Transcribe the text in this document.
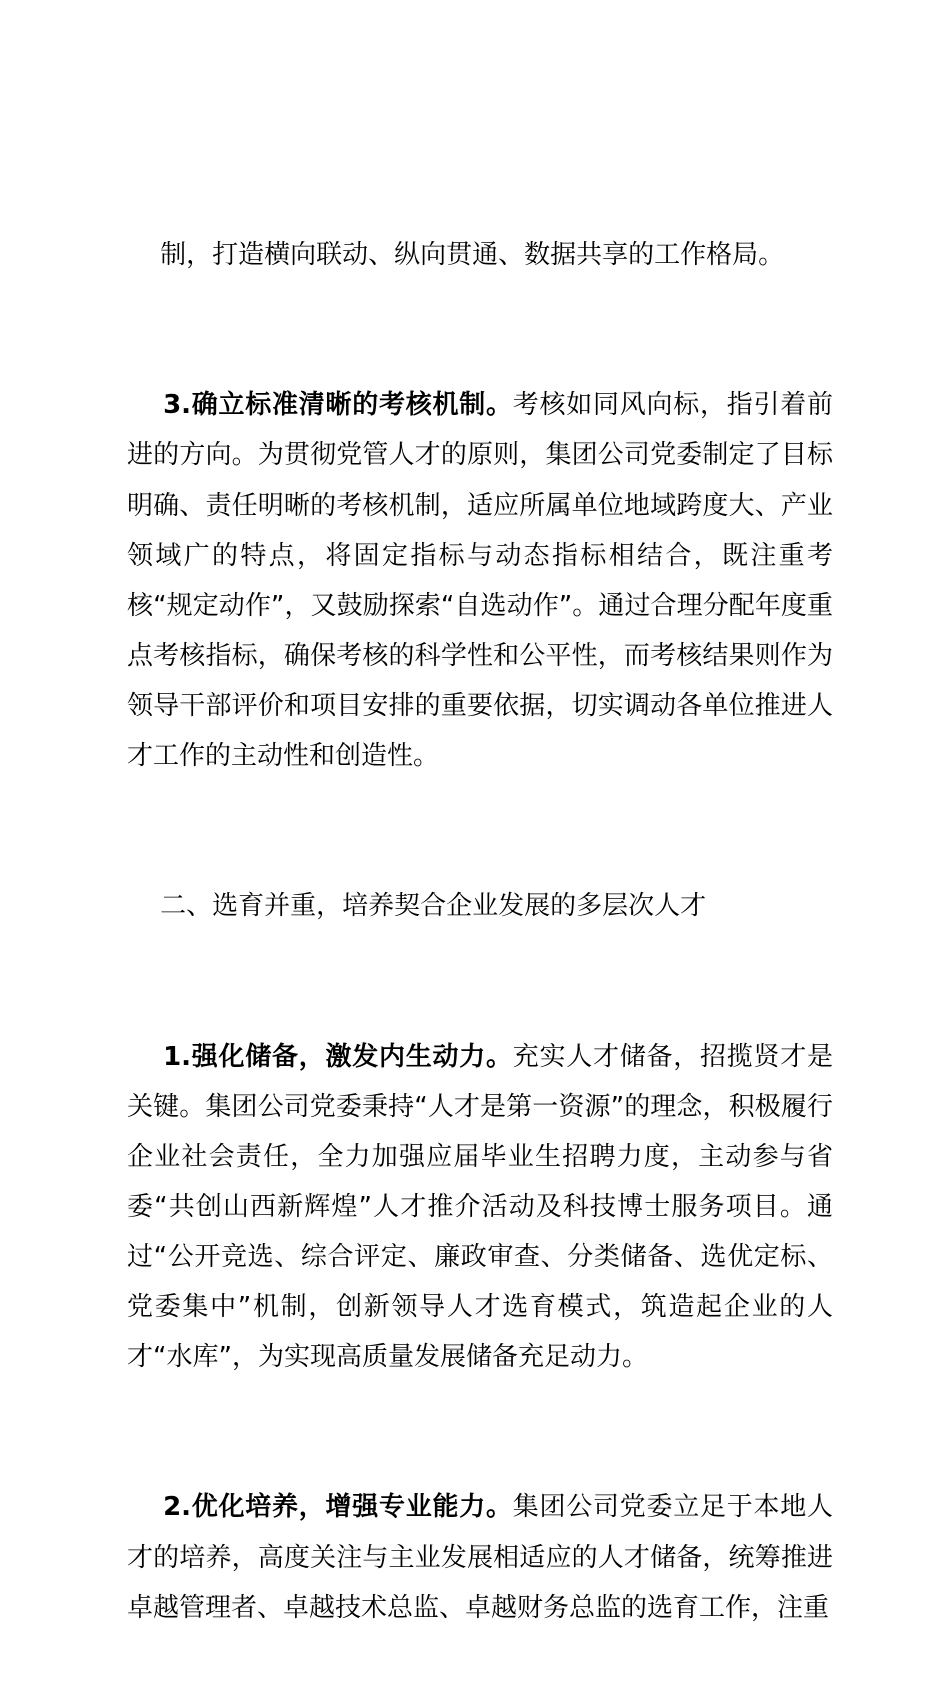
制，打造横向联动、纵向贯通、数据共享的工作格局。

3.确立标准清晰的考核机制。考核如同风向标，指引着前进的方向。为贯彻党管人才的原则，集团公司党委制定了目标明确、责任明晰的考核机制，适应所属单位地域跨度大、产业领域广的特点，将固定指标与动态指标相结合，既注重考核“规定动作”，又鼓励探索“自选动作”。通过合理分配年度重点考核指标，确保考核的科学性和公平性，而考核结果则作为领导干部评价和项目安排的重要依据，切实调动各单位推进人才工作的主动性和创造性。

二、选育并重，培养契合企业发展的多层次人才

1.强化储备，激发内生动力。充实人才储备，招揽贤才是关键。集团公司党委秉持“人才是第一资源”的理念，积极履行企业社会责任，全力加强应届毕业生招聘力度，主动参与省委“共创山西新辉煌”人才推介活动及科技博士服务项目。通过“公开竞选、综合评定、廉政审查、分类储备、选优定标、党委集中”机制，创新领导人才选育模式，筑造起企业的人才“水库”，为实现高质量发展储备充足动力。

2.优化培养，增强专业能力。集团公司党委立足于本地人才的培养，高度关注与主业发展相适应的人才储备，统筹推进卓越管理者、卓越技术总监、卓越财务总监的选育工作，注重
